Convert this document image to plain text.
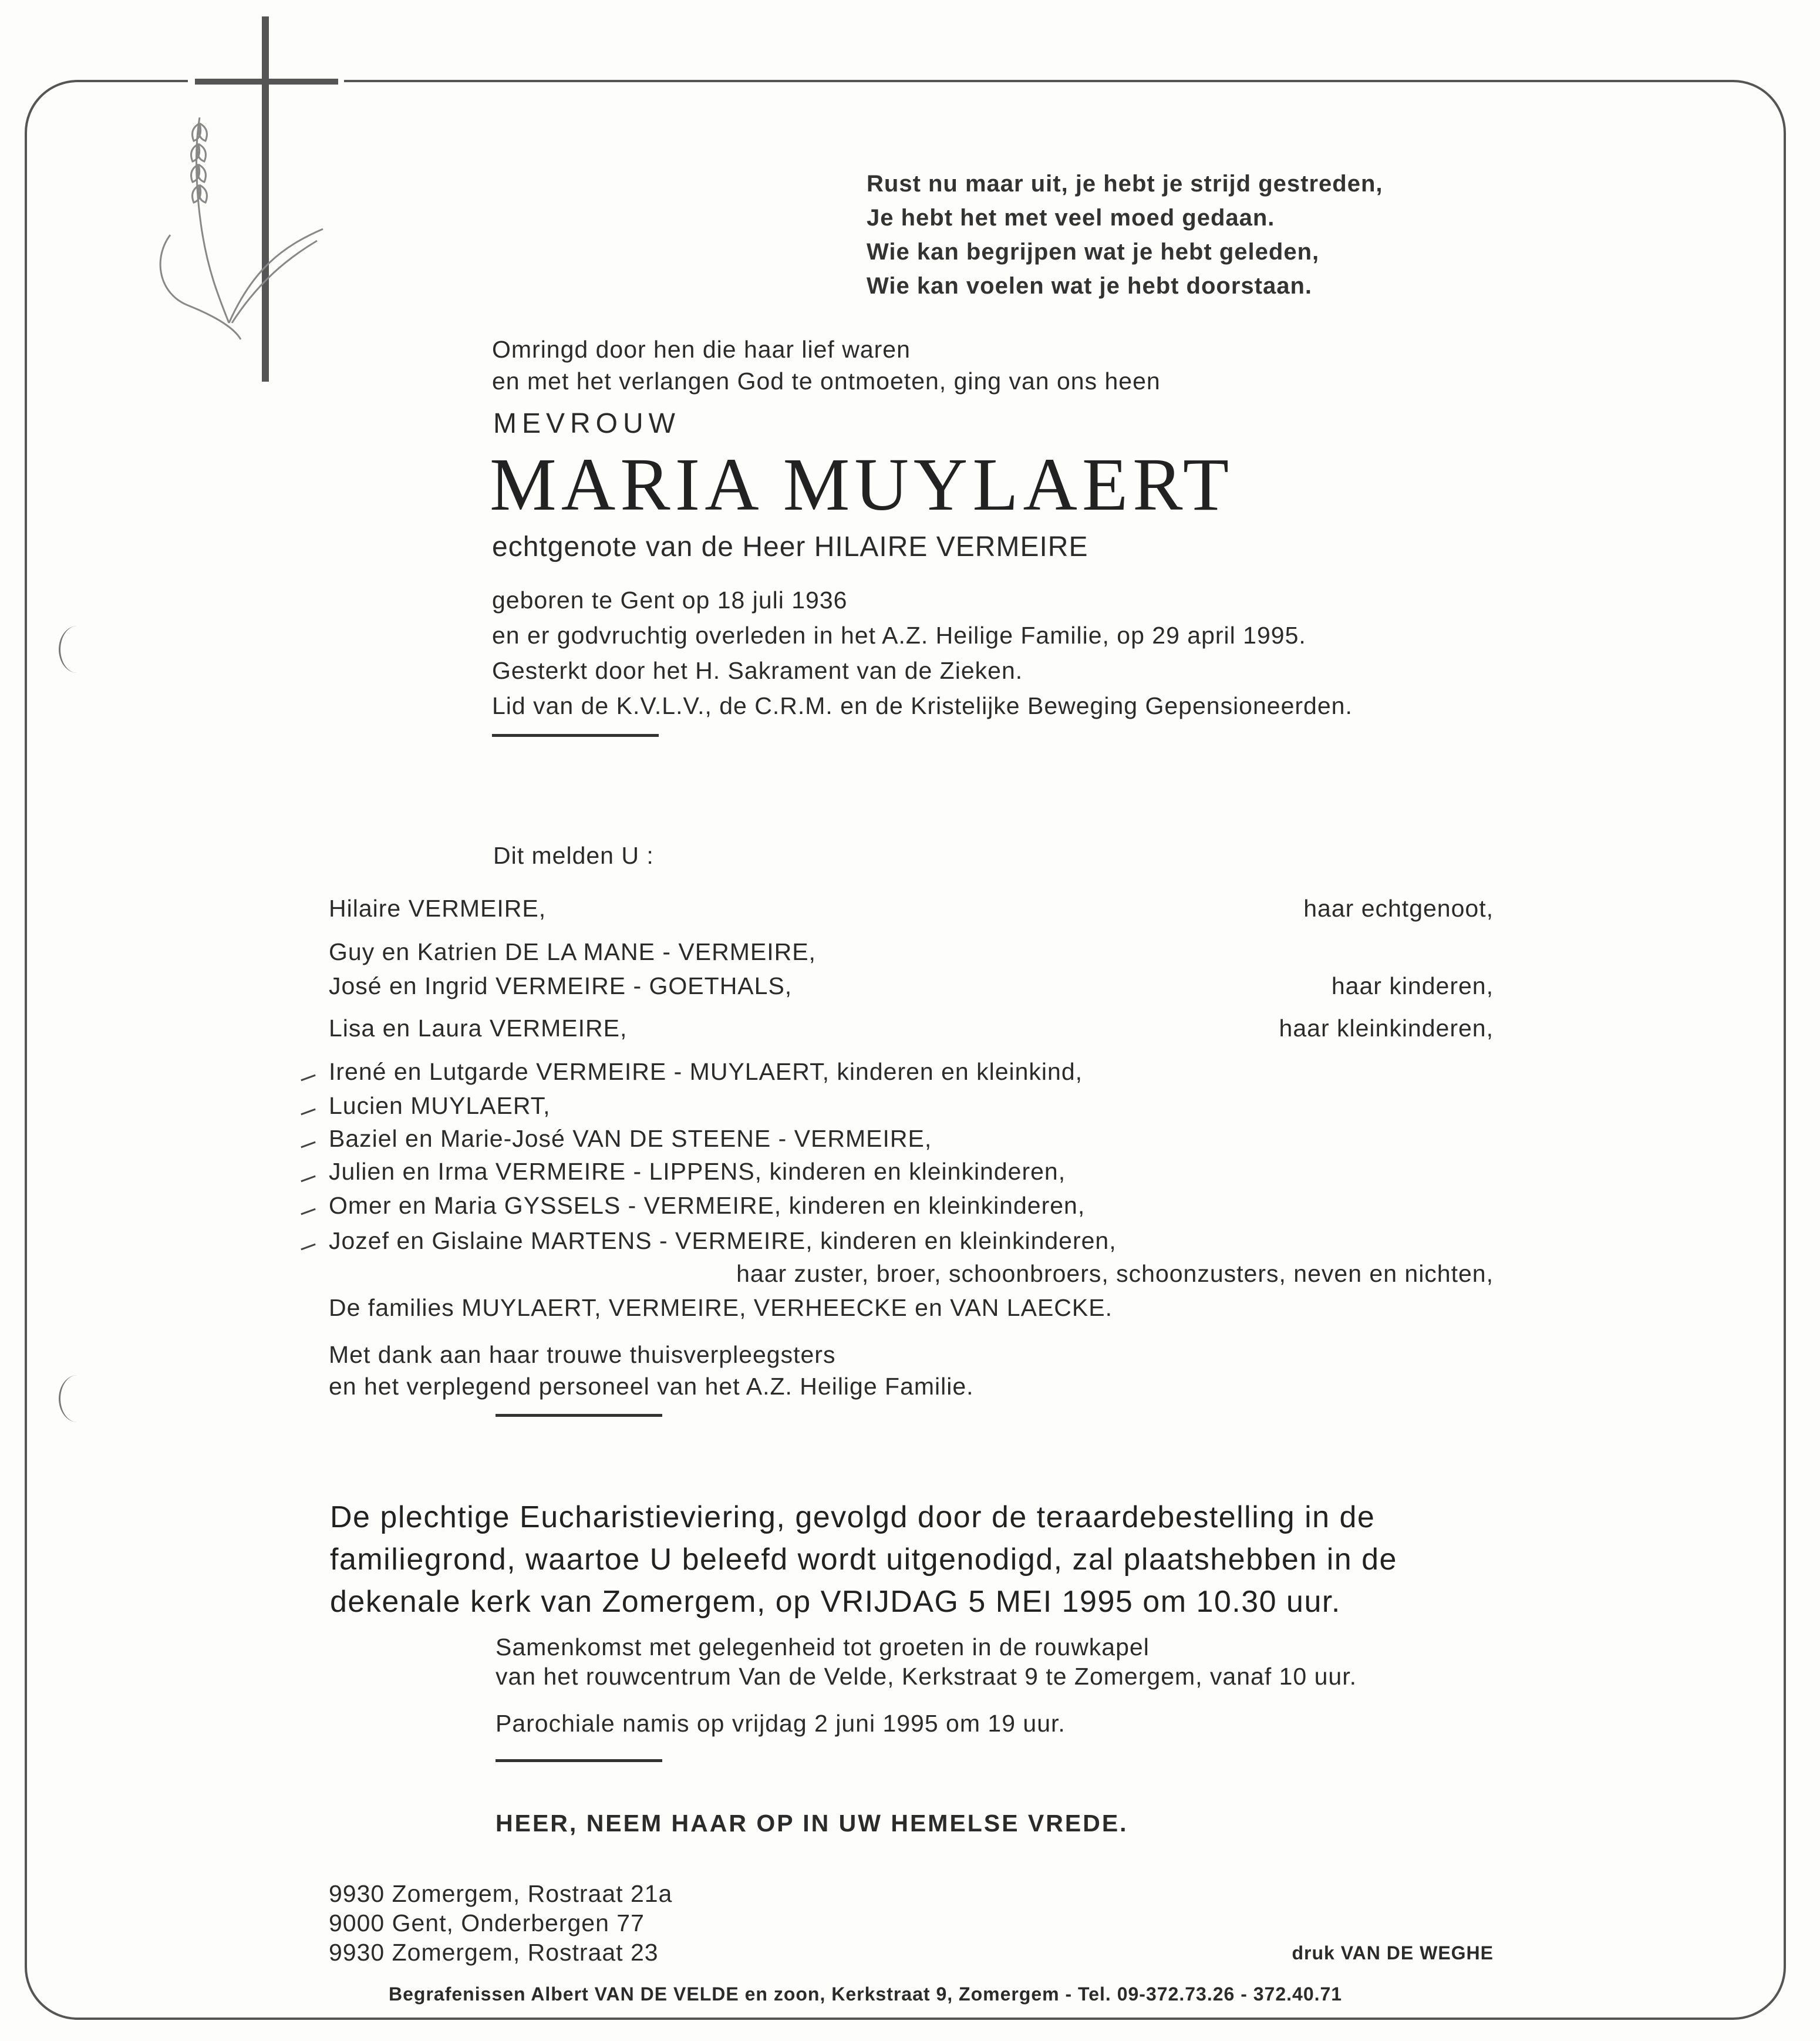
Rust nu maar uit, je hebt je strijd gestreden,
Je hebt het met veel moed gedaan.
Wie kan begrijpen wat je hebt geleden,
Wie kan voelen wat je hebt doorstaan.
Omringd door hen die haar lief waren
en met het verlangen God te ontmoeten, ging van ons heen
MEVROUW
MARIA MUYLAERT
echtgenote van de Heer HILAIRE VERMEIRE
geboren te Gent op 18 juli 1936
en er godvruchtig overleden in het A.Z. Heilige Familie, op 29 april 1995.
Gesterkt door het H. Sakrament van de Zieken.
Lid van de K.V.L.V., de C.R.M. en de Kristelijke Beweging Gepensioneerden.
Dit melden U :
Hilaire VERMEIRE,	haar echtgenoot,
Guy en Katrien DE LA MANE - VERMEIRE,
José en Ingrid VERMEIRE - GOETHALS,	haar kinderen,
Lisa en Laura VERMEIRE,	haar kleinkinderen,
Irené en Lutgarde VERMEIRE - MUYLAERT, kinderen en kleinkind,
Lucien MUYLAERT,
Baziel en Marie-José VAN DE STEENE - VERMEIRE,
Julien en Irma VERMEIRE - LIPPENS, kinderen en kleinkinderen,
Omer en Maria GYSSELS - VERMEIRE, kinderen en kleinkinderen,
Jozef en Gislaine MARTENS - VERMEIRE, kinderen en kleinkinderen,
haar zuster, broer, schoonbroers, schoonzusters, neven en nichten,
De families MUYLAERT, VERMEIRE, VERHEECKE en VAN LAECKE.
Met dank aan haar trouwe thuisverpleegsters
en het verplegend personeel van het A.Z. Heilige Familie.
De plechtige Eucharistieviering, gevolgd door de teraardebestelling in de
familiegrond, waartoe U beleefd wordt uitgenodigd, zal plaatshebben in de
dekenale kerk van Zomergem, op VRIJDAG 5 MEI 1995 om 10.30 uur.
Samenkomst met gelegenheid tot groeten in de rouwkapel
van het rouwcentrum Van de Velde, Kerkstraat 9 te Zomergem, vanaf 10 uur.
Parochiale namis op vrijdag 2 juni 1995 om 19 uur.
HEER, NEEM HAAR OP IN UW HEMELSE VREDE.
9930 Zomergem, Rostraat 21a
9000 Gent, Onderbergen 77
9930 Zomergem, Rostraat 23	druk VAN DE WEGHE
Begrafenissen Albert VAN DE VELDE en zoon, Kerkstraat 9, Zomergem - Tel. 09-372.73.26 - 372.40.71
